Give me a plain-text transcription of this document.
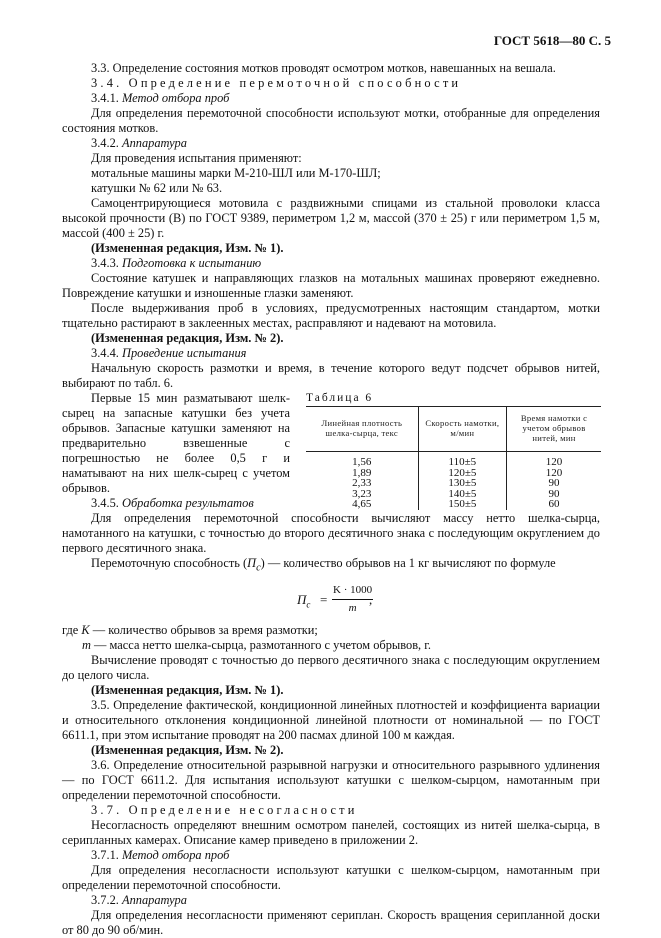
ГОСТ 5618—80 С. 5

3.3. Определение состояния мотков проводят осмотром мотков, навешанных на вешала.

3.4. Определение перемоточной способности

3.4.1. Метод отбора проб

Для определения перемоточной способности используют мотки, отобранные для определения состояния мотков.

3.4.2. Аппаратура

Для проведения испытания применяют:

мотальные машины марки М-210-ШЛ или М-170-ШЛ;

катушки № 62 или № 63.

Самоцентрирующиеся мотовила с раздвижными спицами из стальной проволоки класса высокой прочности (В) по ГОСТ 9389, периметром 1,2 м, массой (370 ± 25) г или периметром 1,5 м, массой (400 ± 25) г.

(Измененная редакция, Изм. № 1).

3.4.3. Подготовка к испытанию

Состояние катушек и направляющих глазков на мотальных машинах проверяют ежедневно. Повреждение катушки и изношенные глазки заменяют.

После выдерживания проб в условиях, предусмотренных настоящим стандартом, мотки тщательно растирают в заклеенных местах, расправляют и надевают на мотовила.

(Измененная редакция, Изм. № 2).

3.4.4. Проведение испытания

Начальную скорость размотки и время, в течение которого ведут подсчет обрывов нитей, выбирают по табл. 6.

Первые 15 мин разматывают шелк-сырец на запасные катушки без учета обрывов. Запасные катушки заменяют на предварительно взвешенные с погрешностью не более 0,5 г и наматывают на них шелк-сырец с учетом обрывов.

3.4.5. Обработка результатов

Таблица 6

Линейная плотность шелка-сырца, текс	Скорость намотки, м/мин	Время намотки с учетом обрывов нитей, мин
1,56	110±5	120
1,89	120±5	120
2,33	130±5	90
3,23	140±5	90
4,65	150±5	60

Для определения перемоточной способности вычисляют массу нетто шелка-сырца, намотанного на катушки, с точностью до второго десятичного знака с последующим округлением до первого десятичного знака.

Перемоточную способность $(П_с)$ — количество обрывов на 1 кг вычисляют по формуле

$П_c = \frac{K \cdot 1000}{m}$
,

где K — количество обрывов за время размотки;

m — масса нетто шелка-сырца, размотанного с учетом обрывов, г.

Вычисление проводят с точностью до первого десятичного знака с последующим округлением до целого числа.

(Измененная редакция, Изм. № 1).

3.5. Определение фактической, кондиционной линейных плотностей и коэффициента вариации и относительного отклонения кондиционной линейной плотности от номинальной — по ГОСТ 6611.1, при этом испытание проводят на 200 пасмах длиной 100 м каждая.

(Измененная редакция, Изм. № 2).

3.6. Определение относительной разрывной нагрузки и относительного разрывного удлинения — по ГОСТ 6611.2. Для испытания используют катушки с шелком-сырцом, намотанным при определении перемоточной способности.

3.7. Определение несогласности

Несогласность определяют внешним осмотром панелей, состоящих из нитей шелка-сырца, в серипланных камерах. Описание камер приведено в приложении 2.

3.7.1. Метод отбора проб

Для определения несогласности используют катушки с шелком-сырцом, намотанным при определении перемоточной способности.

3.7.2. Аппаратура

Для определения несогласности применяют сериплан. Скорость вращения серипланной доски от 80 до 90 об/мин.
